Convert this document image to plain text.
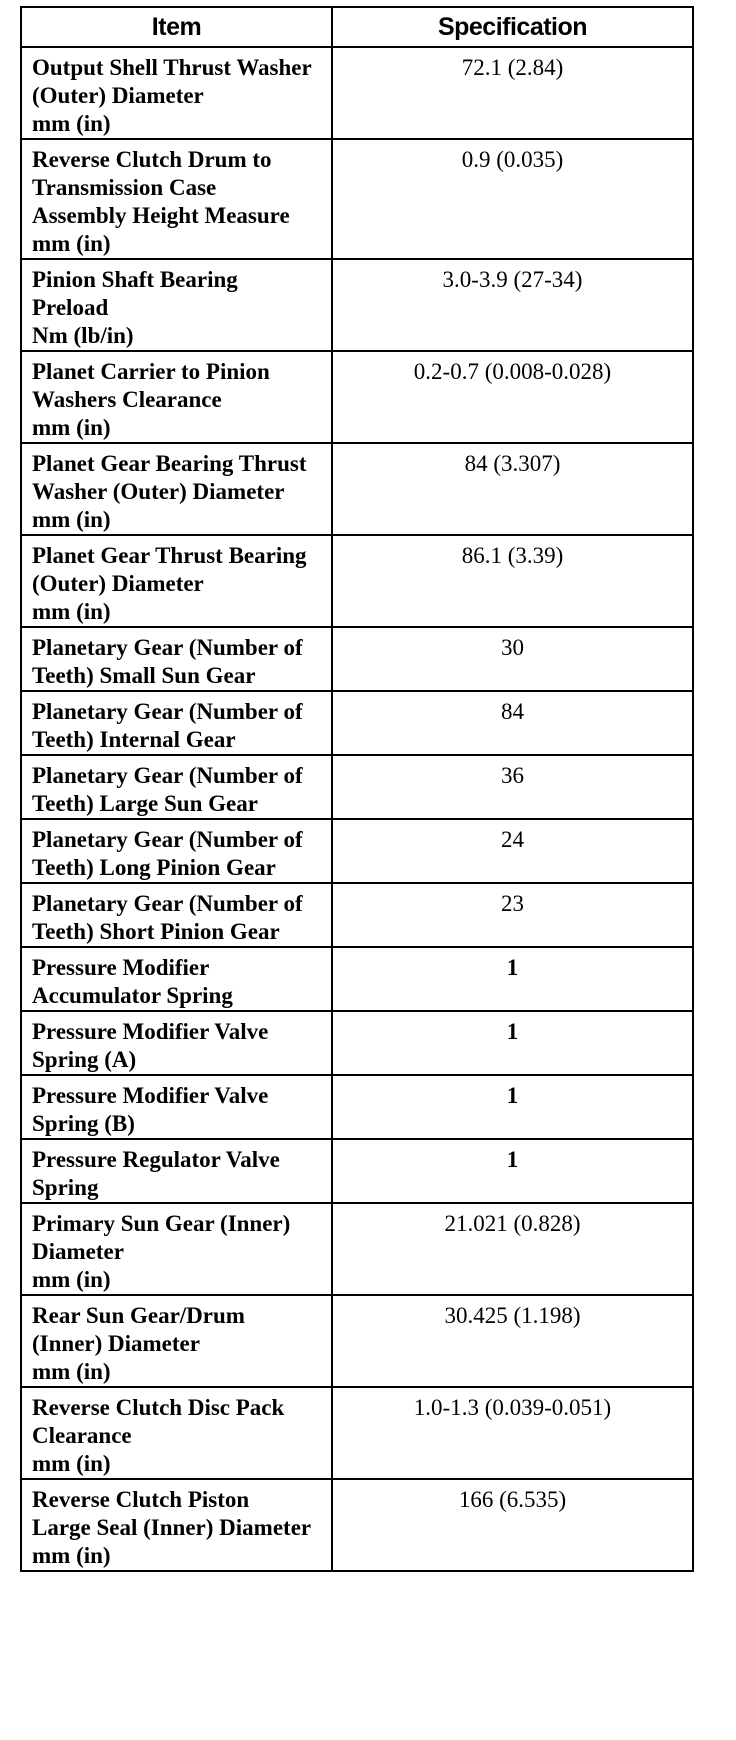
Item	Specification

Output Shell Thrust Washer
(Outer) Diameter
mm (in)	72.1 (2.84)

Reverse Clutch Drum to
Transmission Case
Assembly Height Measure
mm (in)	0.9 (0.035)

Pinion Shaft Bearing
Preload
Nm (lb/in)	3.0-3.9 (27-34)

Planet Carrier to Pinion
Washers Clearance
mm (in)	0.2-0.7 (0.008-0.028)

Planet Gear Bearing Thrust
Washer (Outer) Diameter
mm (in)	84 (3.307)

Planet Gear Thrust Bearing
(Outer) Diameter
mm (in)	86.1 (3.39)

Planetary Gear (Number of
Teeth) Small Sun Gear	30

Planetary Gear (Number of
Teeth) Internal Gear	84

Planetary Gear (Number of
Teeth) Large Sun Gear	36

Planetary Gear (Number of
Teeth) Long Pinion Gear	24

Planetary Gear (Number of
Teeth) Short Pinion Gear	23

Pressure Modifier
Accumulator Spring	1

Pressure Modifier Valve
Spring (A)	1

Pressure Modifier Valve
Spring (B)	1

Pressure Regulator Valve
Spring	1

Primary Sun Gear (Inner)
Diameter
mm (in)	21.021 (0.828)

Rear Sun Gear/Drum
(Inner) Diameter
mm (in)	30.425 (1.198)

Reverse Clutch Disc Pack
Clearance
mm (in)	1.0-1.3 (0.039-0.051)

Reverse Clutch Piston
Large Seal (Inner) Diameter
mm (in)	166 (6.535)
